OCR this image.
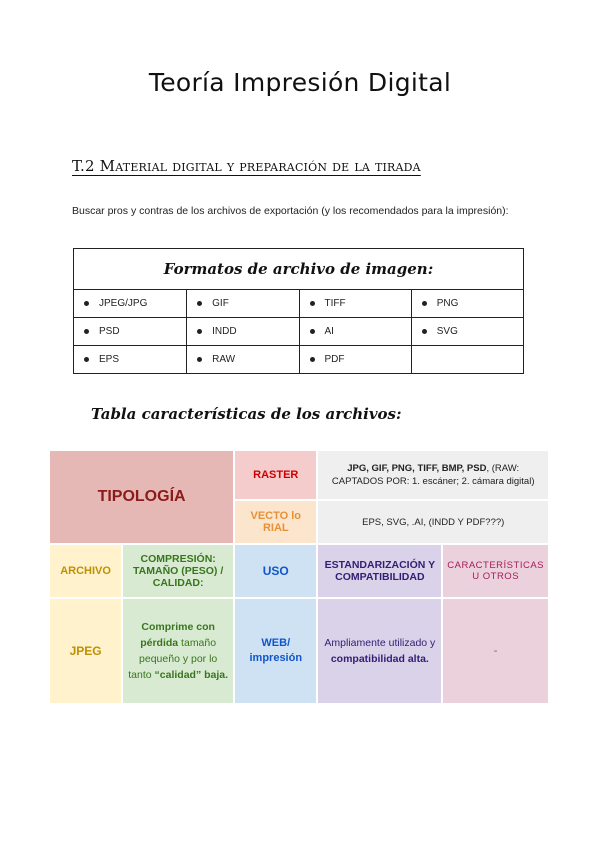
Teoría Impresión Digital
T.2 Material digital y preparación de la tirada
Buscar pros y contras de los archivos de exportación (y los recomendados para la impresión):
Formatos de archivo de imagen:			
JPEG/JPG	GIF	TIFF	PNG
PSD	INDD	AI	SVG
EPS	RAW	PDF	
Tabla características de los archivos:
TIPOLOGÍA		RASTER	JPG, GIF, PNG, TIFF, BMP, PSD, (RAW: CAPTADOS POR: 1. escáner; 2. cámara digital)	
		VECTO lo RIAL	EPS, SVG, .AI, (INDD Y PDF???)	
ARCHIVO	COMPRESIÓN: TAMAÑO (PESO) / CALIDAD:	USO	ESTANDARIZACIÓN Y COMPATIBILIDAD	CARACTERÍSTICAS U OTROS
JPEG	Comprime con pérdida tamaño pequeño y por lo tanto “calidad” baja.	WEB/ impresión	Ampliamente utilizado y compatibilidad alta.	-
